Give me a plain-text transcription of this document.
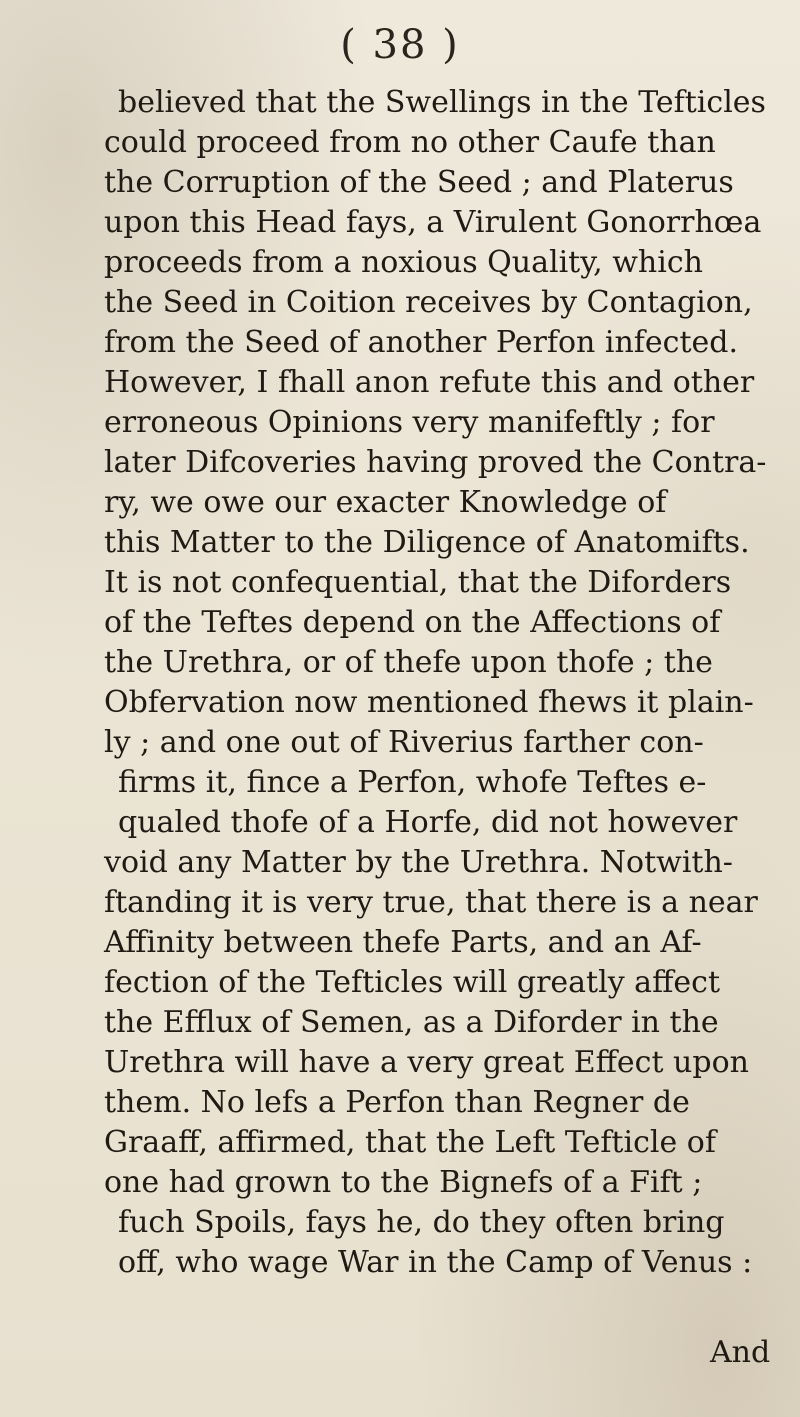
( 38 )
believed that the Swellings in the Tefticles
could proceed from no other Caufe than
the Corruption of the Seed ; and Platerus
upon this Head fays, a Virulent Gonorrhœa
proceeds from a noxious Quality, which
the Seed in Coition receives by Contagion,
from the Seed of another Perfon infected.
However, I fhall anon refute this and other
erroneous Opinions very manifeftly ; for
later Difcoveries having proved the Contra-
ry, we owe our exacter Knowledge of
this Matter to the Diligence of Anatomifts.
It is not confequential, that the Diforders
of the Teftes depend on the Affections of
the Urethra, or of thefe upon thofe ; the
Obfervation now mentioned fhews it plain-
ly ; and one out of Riverius farther con-
firms it, fince a Perfon, whofe Teftes e-
qualed thofe of a Horfe, did not however
void any Matter by the Urethra. Notwith-
ftanding it is very true, that there is a near
Affinity between thefe Parts, and an Af-
fection of the Tefticles will greatly affect
the Efflux of Semen, as a Diforder in the
Urethra will have a very great Effect upon
them. No lefs a Perfon than Regner de
Graaff, affirmed, that the Left Tefticle of
one had grown to the Bignefs of a Fift ;
fuch Spoils, fays he, do they often bring
off, who wage War in the Camp of Venus :
And
